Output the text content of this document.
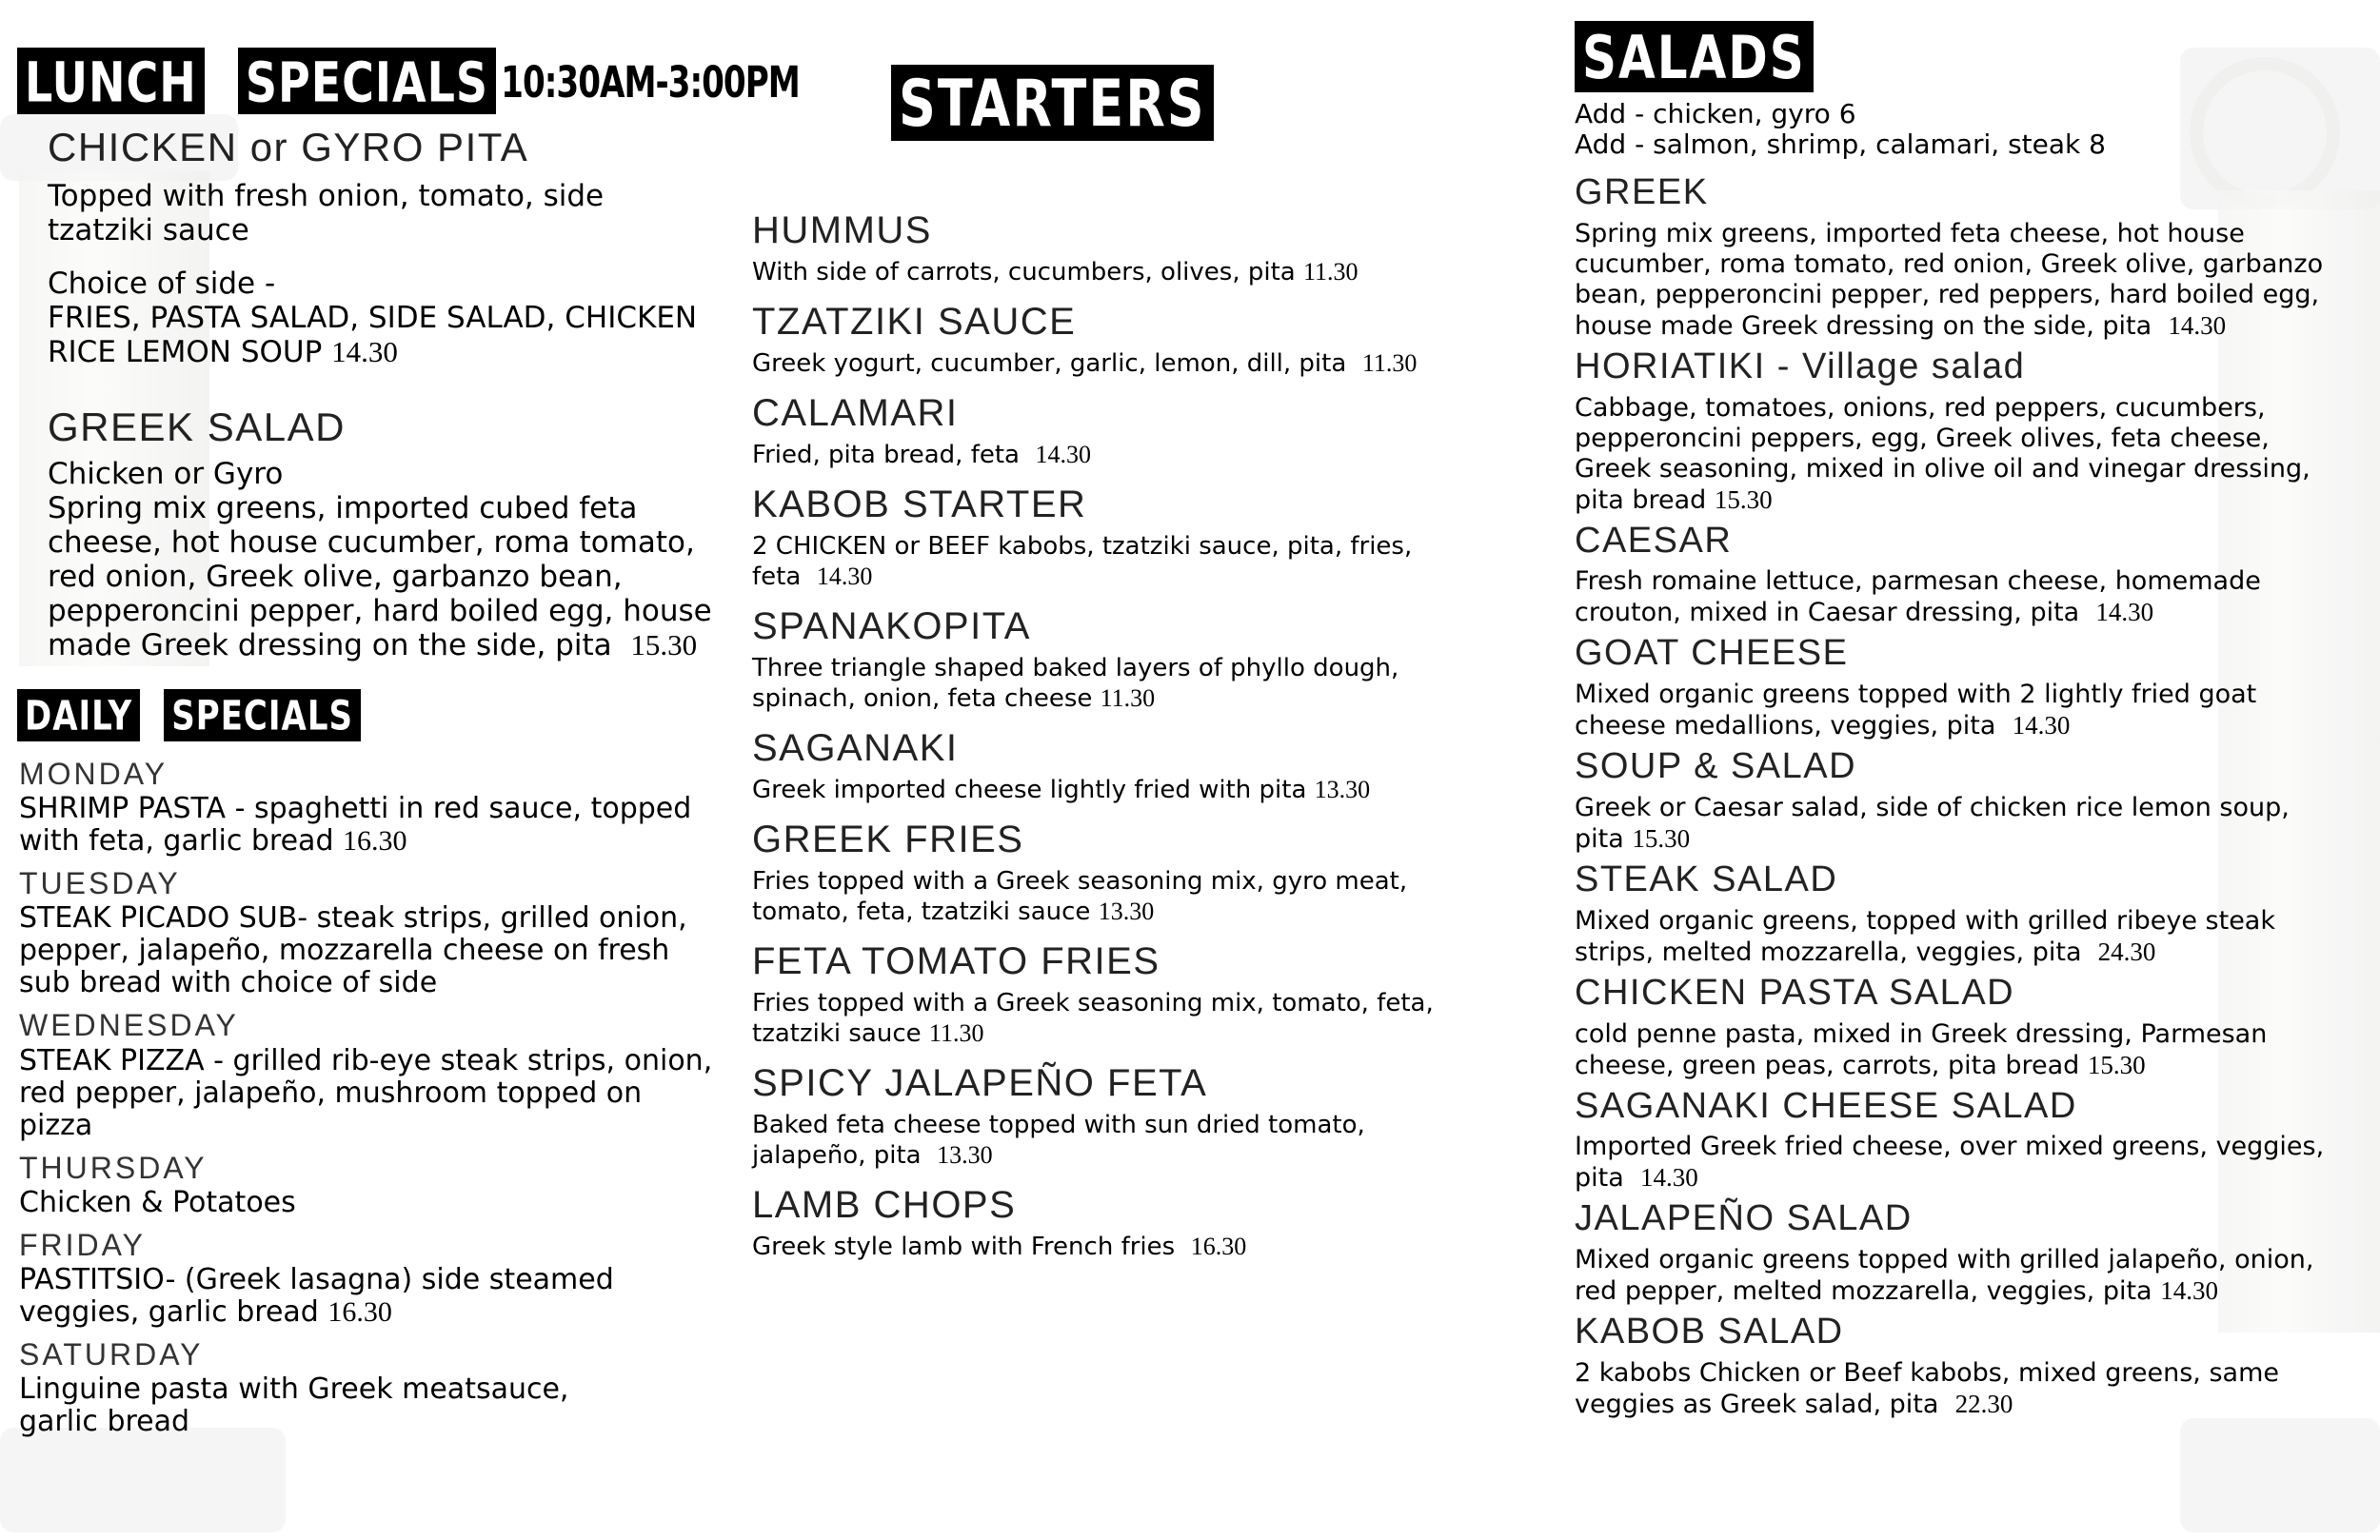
LUNCH SPECIALS 10:30AM-3:00PM
CHICKEN or GYRO PITA
Topped with fresh onion, tomato, side
tzatziki sauce
Choice of side -
FRIES, PASTA SALAD, SIDE SALAD, CHICKEN
RICE LEMON SOUP 14.30
GREEK SALAD
Chicken or Gyro
Spring mix greens, imported cubed feta
cheese, hot house cucumber, roma tomato,
red onion, Greek olive, garbanzo bean,
pepperoncini pepper, hard boiled egg, house
made Greek dressing on the side, pita 15.30
DAILY SPECIALS
MONDAY
SHRIMP PASTA - spaghetti in red sauce, topped
with feta, garlic bread 16.30
TUESDAY
STEAK PICADO SUB- steak strips, grilled onion,
pepper, jalapeño, mozzarella cheese on fresh
sub bread with choice of side
WEDNESDAY
STEAK PIZZA - grilled rib-eye steak strips, onion,
red pepper, jalapeño, mushroom topped on pizza
THURSDAY
Chicken & Potatoes
FRIDAY
PASTITSIO- (Greek lasagna) side steamed
veggies, garlic bread 16.30
SATURDAY
Linguine pasta with Greek meatsauce,
garlic bread
STARTERS
HUMMUS
With side of carrots, cucumbers, olives, pita 11.30
TZATZIKI SAUCE
Greek yogurt, cucumber, garlic, lemon, dill, pita 11.30
CALAMARI
Fried, pita bread, feta 14.30
KABOB STARTER
2 CHICKEN or BEEF kabobs, tzatziki sauce, pita, fries,
feta 14.30
SPANAKOPITA
Three triangle shaped baked layers of phyllo dough,
spinach, onion, feta cheese 11.30
SAGANAKI
Greek imported cheese lightly fried with pita 13.30
GREEK FRIES
Fries topped with a Greek seasoning mix, gyro meat,
tomato, feta, tzatziki sauce 13.30
FETA TOMATO FRIES
Fries topped with a Greek seasoning mix, tomato, feta,
tzatziki sauce 11.30
SPICY JALAPEÑO FETA
Baked feta cheese topped with sun dried tomato,
jalapeño, pita 13.30
LAMB CHOPS
Greek style lamb with French fries 16.30
SALADS
Add - chicken, gyro 6
Add - salmon, shrimp, calamari, steak 8
GREEK
Spring mix greens, imported feta cheese, hot house
cucumber, roma tomato, red onion, Greek olive, garbanzo
bean, pepperoncini pepper, red peppers, hard boiled egg,
house made Greek dressing on the side, pita 14.30
HORIATIKI - Village salad
Cabbage, tomatoes, onions, red peppers, cucumbers,
pepperoncini peppers, egg, Greek olives, feta cheese,
Greek seasoning, mixed in olive oil and vinegar dressing,
pita bread 15.30
CAESAR
Fresh romaine lettuce, parmesan cheese, homemade
crouton, mixed in Caesar dressing, pita 14.30
GOAT CHEESE
Mixed organic greens topped with 2 lightly fried goat
cheese medallions, veggies, pita 14.30
SOUP & SALAD
Greek or Caesar salad, side of chicken rice lemon soup,
pita 15.30
STEAK SALAD
Mixed organic greens, topped with grilled ribeye steak
strips, melted mozzarella, veggies, pita 24.30
CHICKEN PASTA SALAD
cold penne pasta, mixed in Greek dressing, Parmesan
cheese, green peas, carrots, pita bread 15.30
SAGANAKI CHEESE SALAD
Imported Greek fried cheese, over mixed greens, veggies,
pita 14.30
JALAPEÑO SALAD
Mixed organic greens topped with grilled jalapeño, onion,
red pepper, melted mozzarella, veggies, pita 14.30
KABOB SALAD
2 kabobs Chicken or Beef kabobs, mixed greens, same
veggies as Greek salad, pita 22.30
